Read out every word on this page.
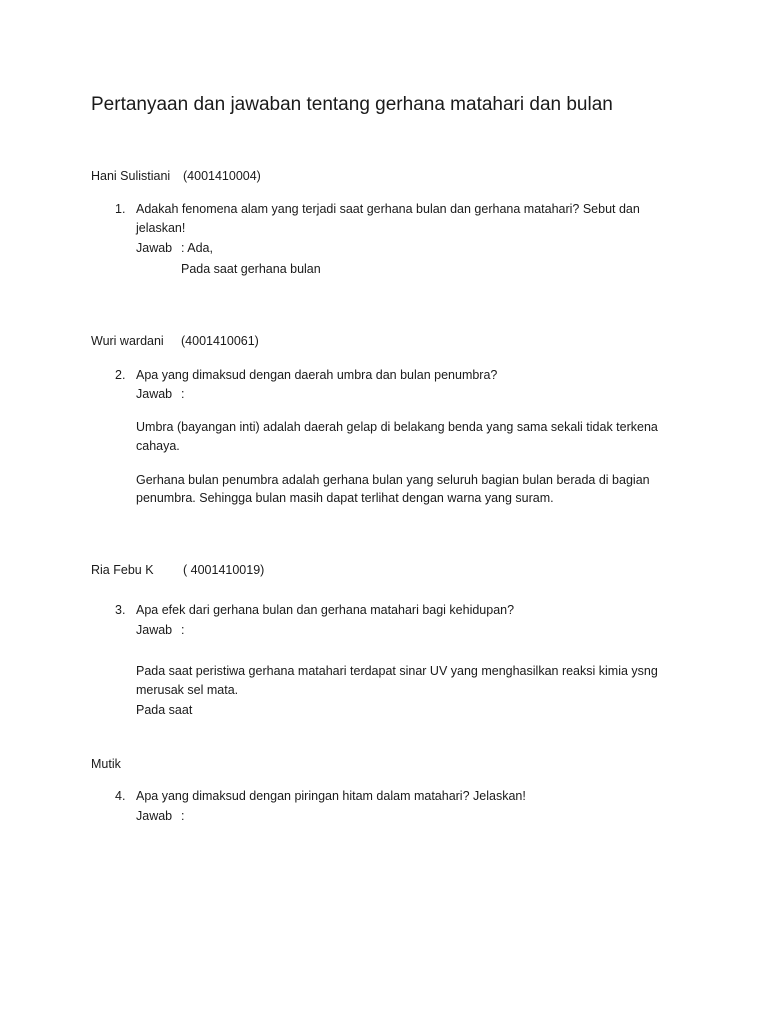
Pertanyaan dan jawaban tentang gerhana matahari dan bulan
Hani Sulistiani (4001410004)
1. Adakah fenomena alam yang terjadi saat gerhana bulan dan gerhana matahari? Sebut dan
jelaskan!
Jawab : Ada,
Pada saat gerhana bulan
Wuri wardani (4001410061)
2. Apa yang dimaksud dengan daerah umbra dan bulan penumbra?
Jawab :
Umbra (bayangan inti) adalah daerah gelap di belakang benda yang sama sekali tidak terkena
cahaya.
Gerhana bulan penumbra adalah gerhana bulan yang seluruh bagian bulan berada di bagian
penumbra. Sehingga bulan masih dapat terlihat dengan warna yang suram.
Ria Febu K ( 4001410019)
3. Apa efek dari gerhana bulan dan gerhana matahari bagi kehidupan?
Jawab :
Pada saat peristiwa gerhana matahari terdapat sinar UV yang menghasilkan reaksi kimia ysng
merusak sel mata.
Pada saat
Mutik
4. Apa yang dimaksud dengan piringan hitam dalam matahari? Jelaskan!
Jawab :
